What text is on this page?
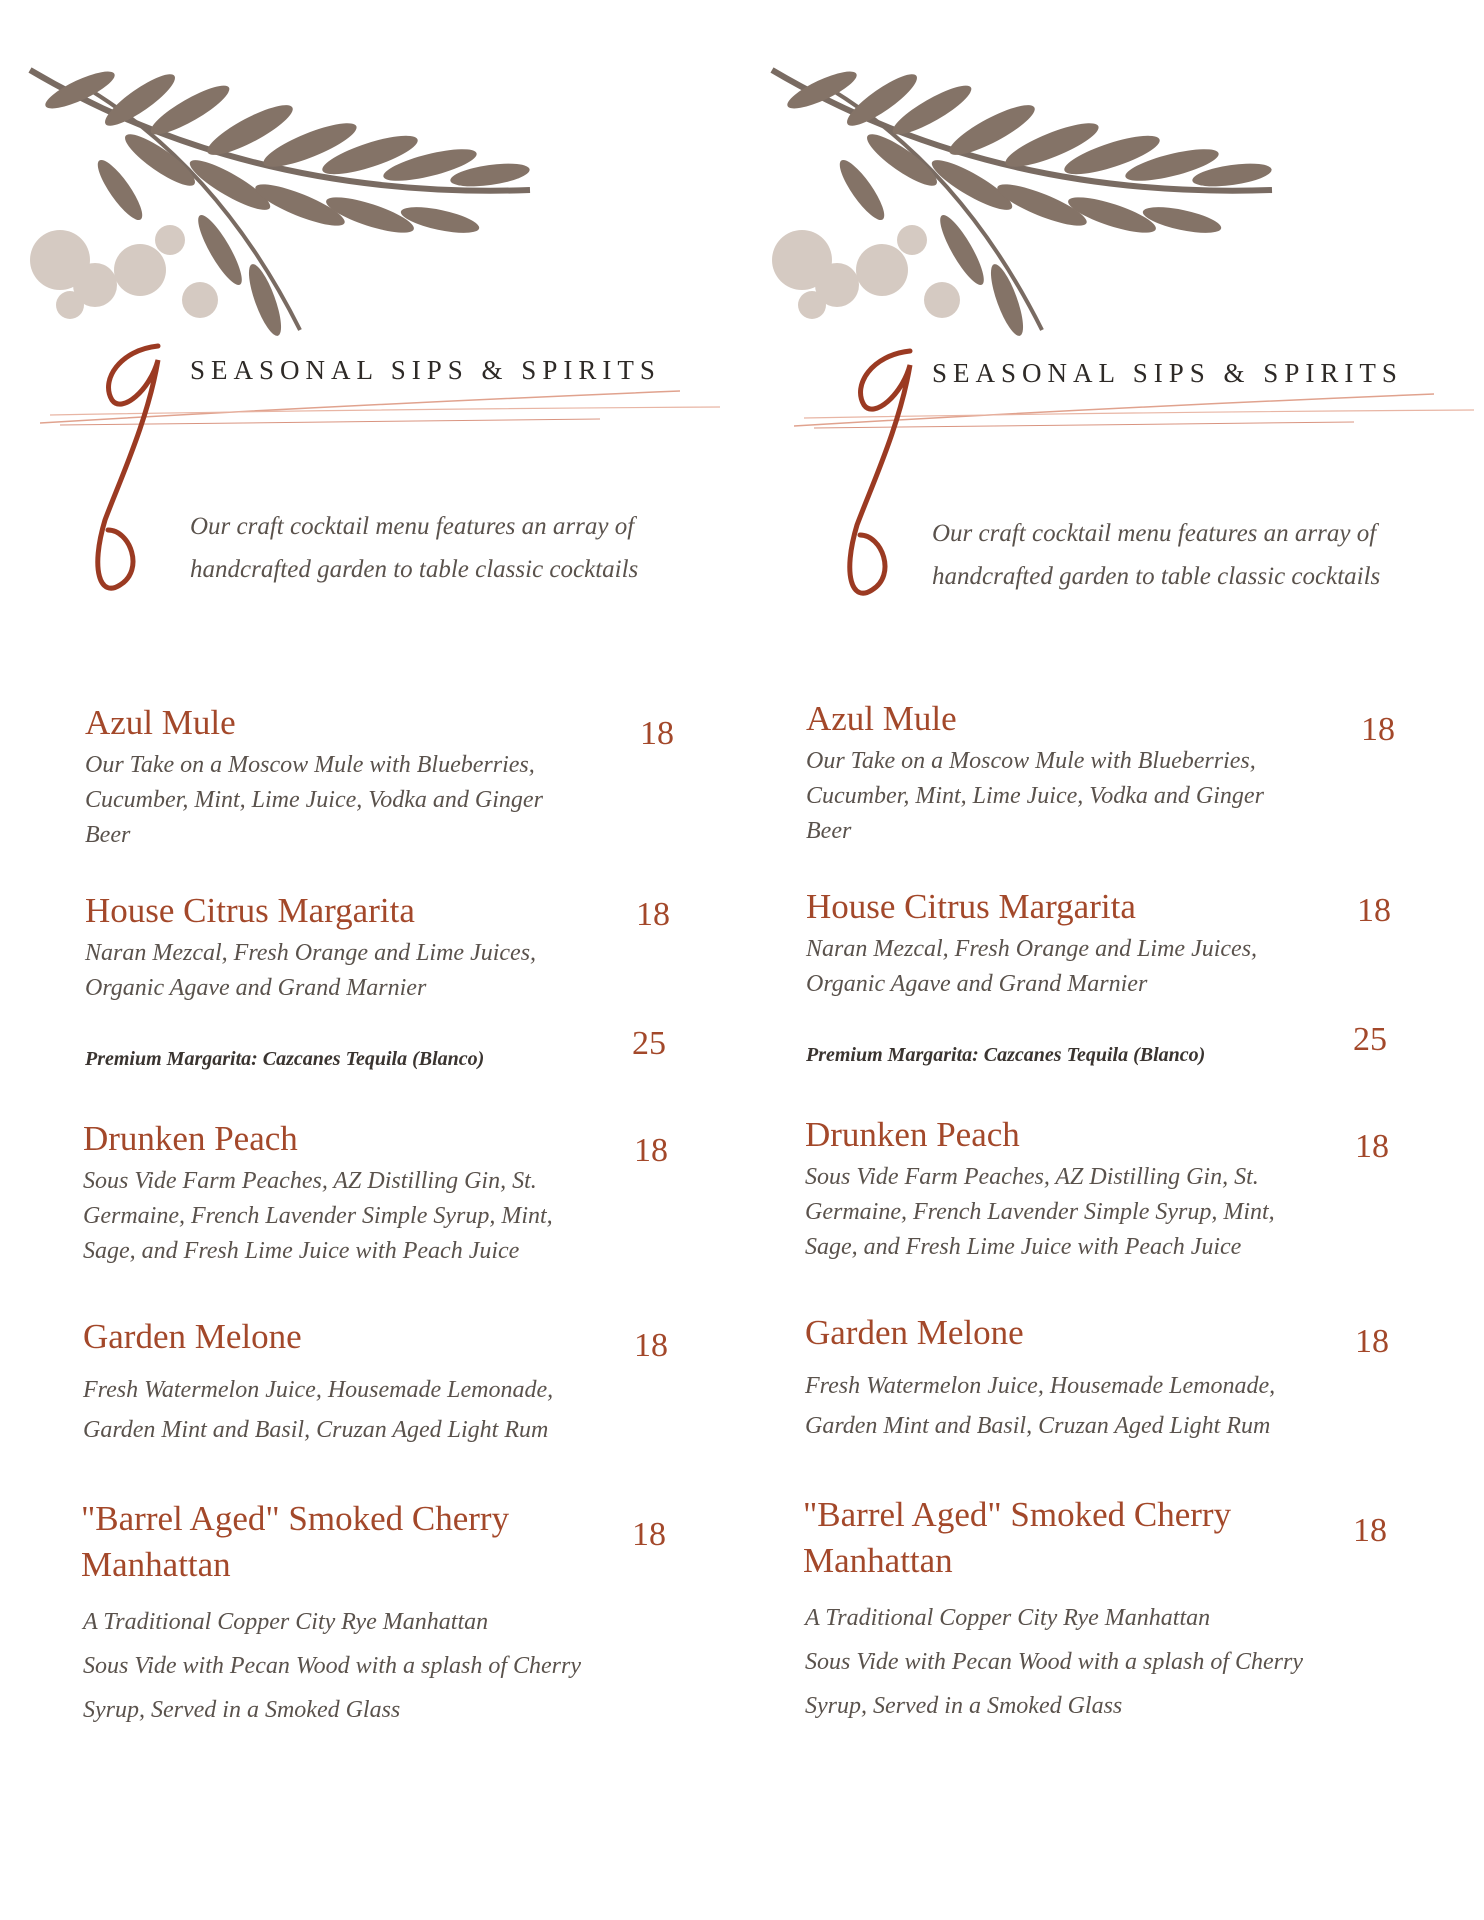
SEASONAL SIPS & SPIRITS
Our craft cocktail menu features an array of
handcrafted garden to table classic cocktails
Azul Mule	18
Our Take on a Moscow Mule with Blueberries,
Cucumber, Mint, Lime Juice, Vodka and Ginger
Beer
House Citrus Margarita	18
Naran Mezcal, Fresh Orange and Lime Juices,
Organic Agave and Grand Marnier
Premium Margarita: Cazcanes Tequila (Blanco)	25
Drunken Peach	18
Sous Vide Farm Peaches, AZ Distilling Gin, St.
Germaine, French Lavender Simple Syrup, Mint,
Sage, and Fresh Lime Juice with Peach Juice
Garden Melone	18
Fresh Watermelon Juice, Housemade Lemonade,
Garden Mint and Basil, Cruzan Aged Light Rum
"Barrel Aged" Smoked Cherry
Manhattan
18
A Traditional Copper City Rye Manhattan
Sous Vide with Pecan Wood with a splash of Cherry
Syrup, Served in a Smoked Glass
SEASONAL SIPS & SPIRITS
Our craft cocktail menu features an array of
handcrafted garden to table classic cocktails
Azul Mule	18
Our Take on a Moscow Mule with Blueberries,
Cucumber, Mint, Lime Juice, Vodka and Ginger
Beer
House Citrus Margarita	18
Naran Mezcal, Fresh Orange and Lime Juices,
Organic Agave and Grand Marnier
Premium Margarita: Cazcanes Tequila (Blanco)	25
Drunken Peach	18
Sous Vide Farm Peaches, AZ Distilling Gin, St.
Germaine, French Lavender Simple Syrup, Mint,
Sage, and Fresh Lime Juice with Peach Juice
Garden Melone	18
Fresh Watermelon Juice, Housemade Lemonade,
Garden Mint and Basil, Cruzan Aged Light Rum
"Barrel Aged" Smoked Cherry
Manhattan
18
A Traditional Copper City Rye Manhattan
Sous Vide with Pecan Wood with a splash of Cherry
Syrup, Served in a Smoked Glass
